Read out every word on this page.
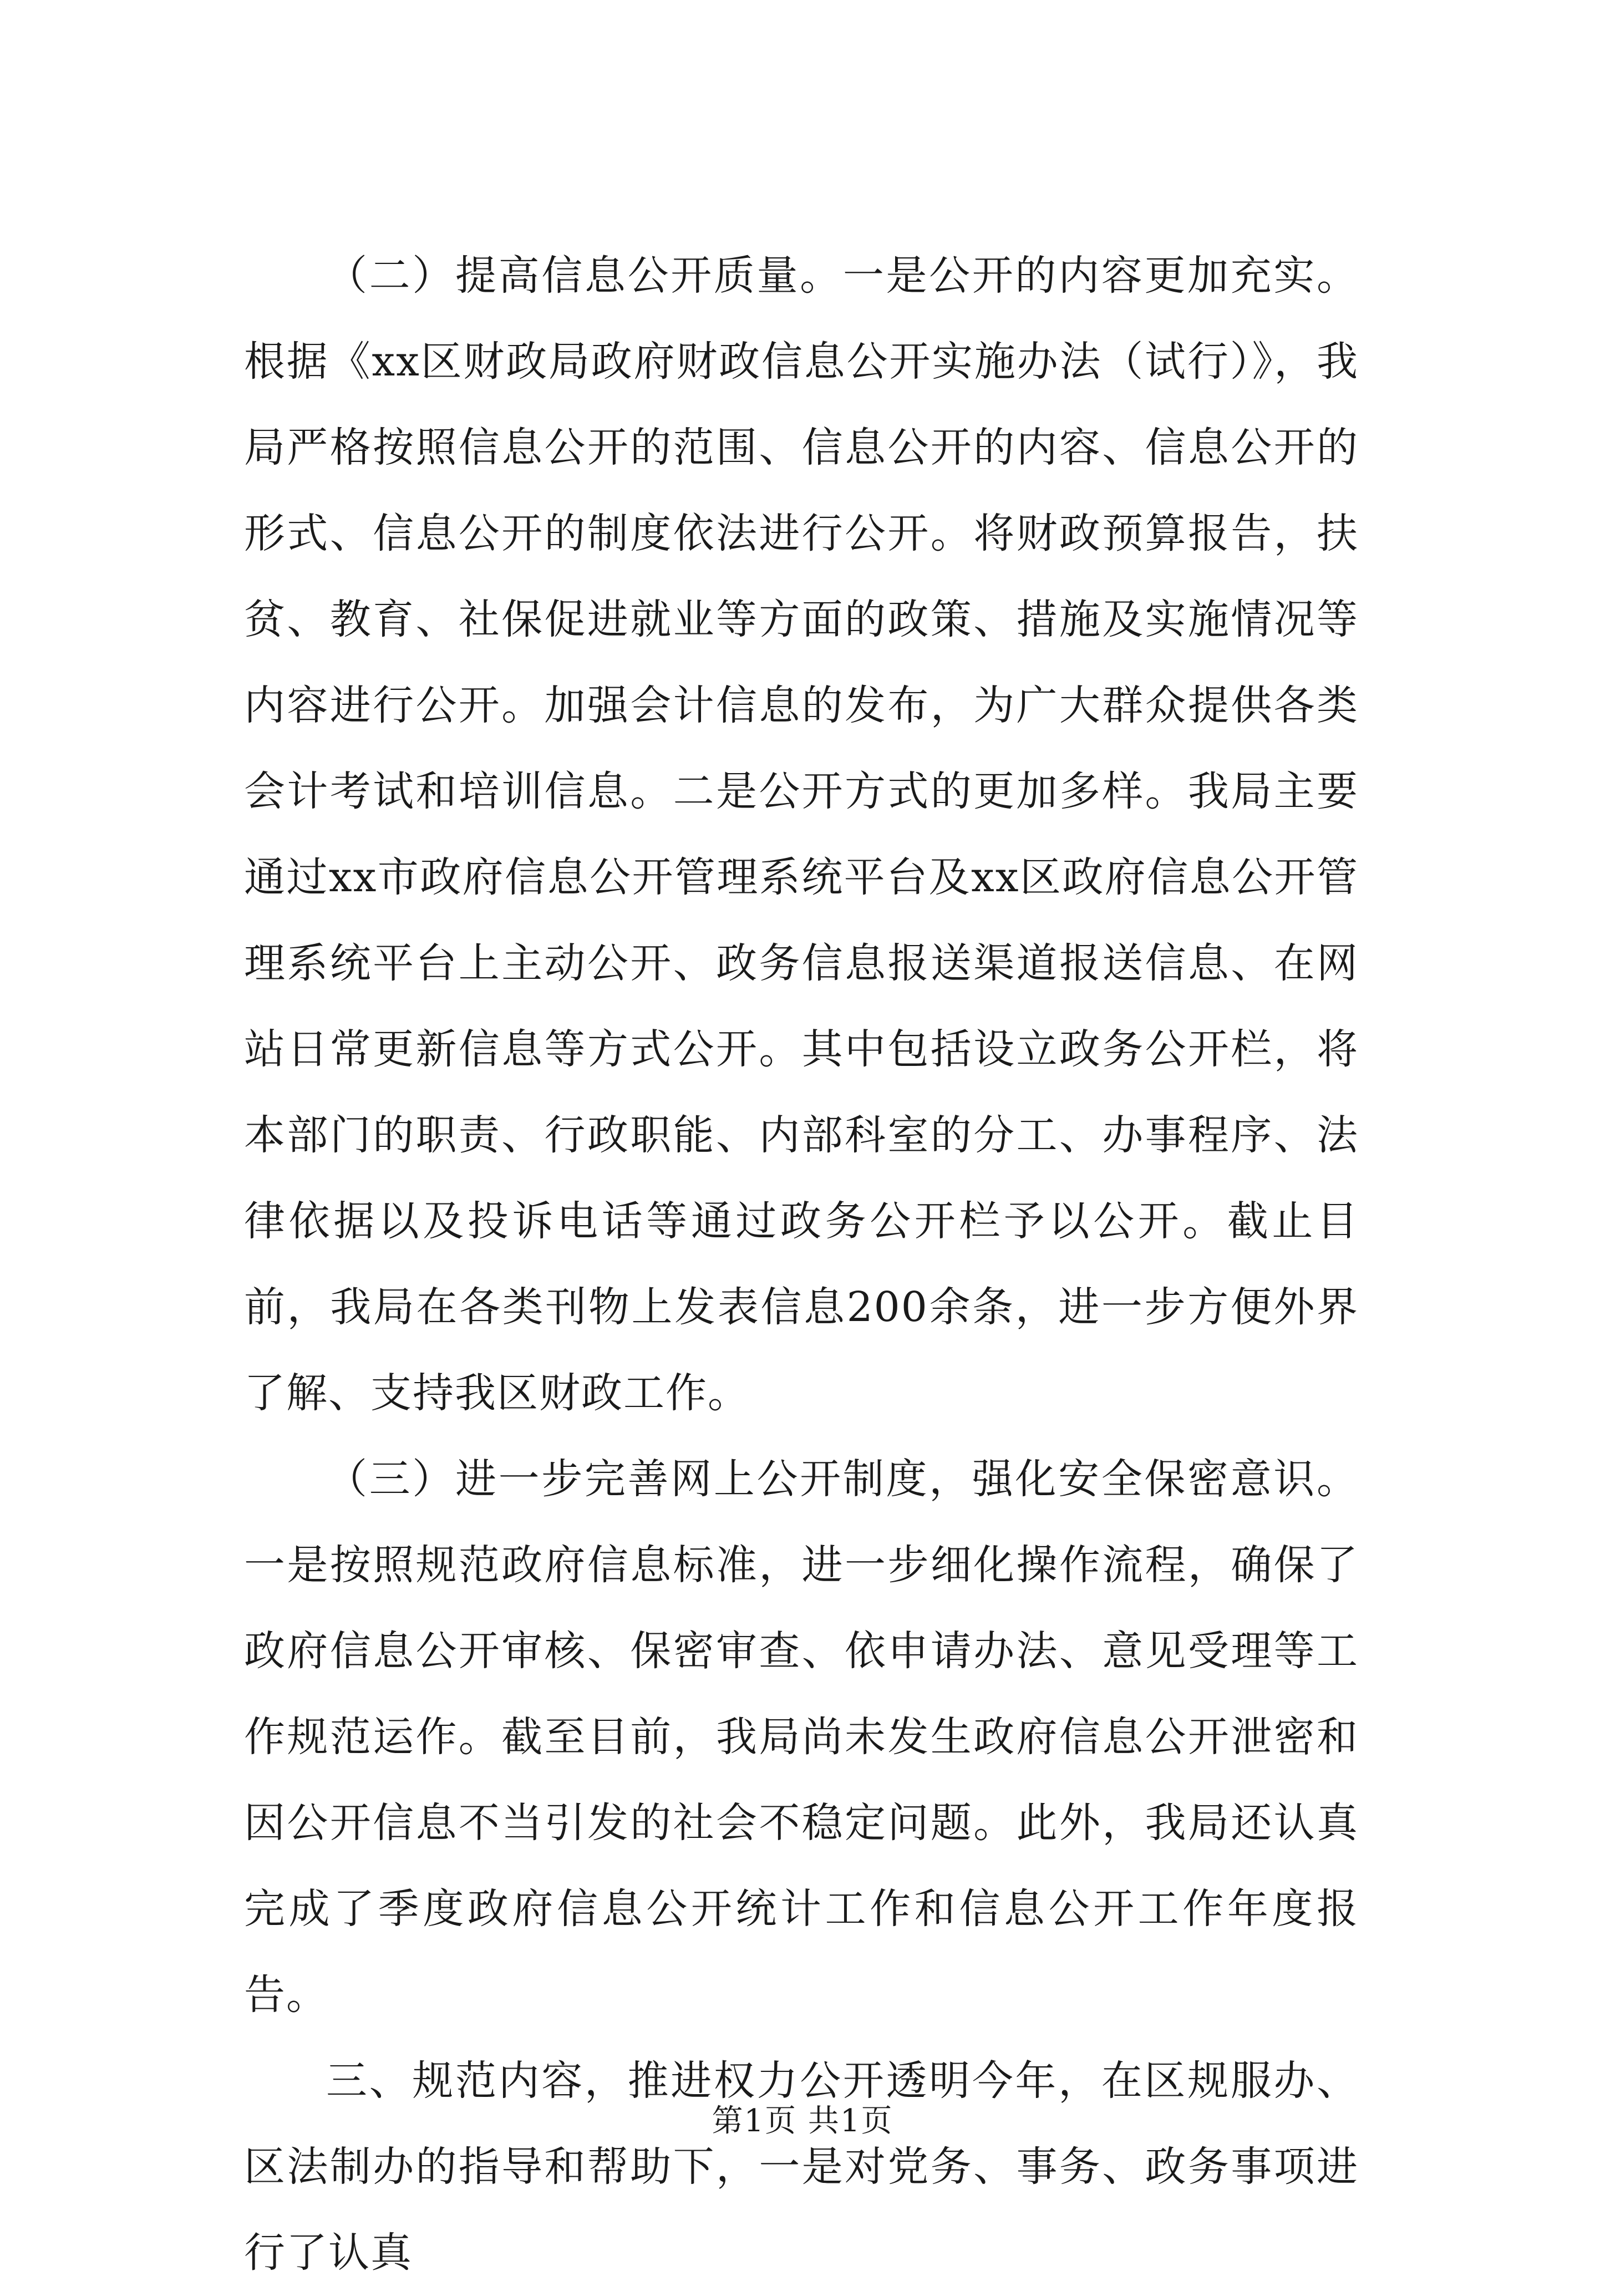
（二）提高信息公开质量。一是公开的内容更加充实。根据《xx区财政局政府财政信息公开实施办法（试行）》，我局严格按照信息公开的范围、信息公开的内容、信息公开的形式、信息公开的制度依法进行公开。将财政预算报告，扶贫、教育、社保促进就业等方面的政策、措施及实施情况等内容进行公开。加强会计信息的发布，为广大群众提供各类会计考试和培训信息。二是公开方式的更加多样。我局主要通过xx市政府信息公开管理系统平台及xx区政府信息公开管理系统平台上主动公开、政务信息报送渠道报送信息、在网站日常更新信息等方式公开。其中包括设立政务公开栏，将本部门的职责、行政职能、内部科室的分工、办事程序、法律依据以及投诉电话等通过政务公开栏予以公开。截止目前，我局在各类刊物上发表信息200余条，进一步方便外界了解、支持我区财政工作。

（三）进一步完善网上公开制度，强化安全保密意识。一是按照规范政府信息标准，进一步细化操作流程，确保了政府信息公开审核、保密审查、依申请办法、意见受理等工作规范运作。截至目前，我局尚未发生政府信息公开泄密和因公开信息不当引发的社会不稳定问题。此外，我局还认真完成了季度政府信息公开统计工作和信息公开工作年度报告。

三、规范内容，推进权力公开透明今年，在区规服办、区法制办的指导和帮助下，一是对党务、事务、政务事项进行了认真

第1页 共1页
